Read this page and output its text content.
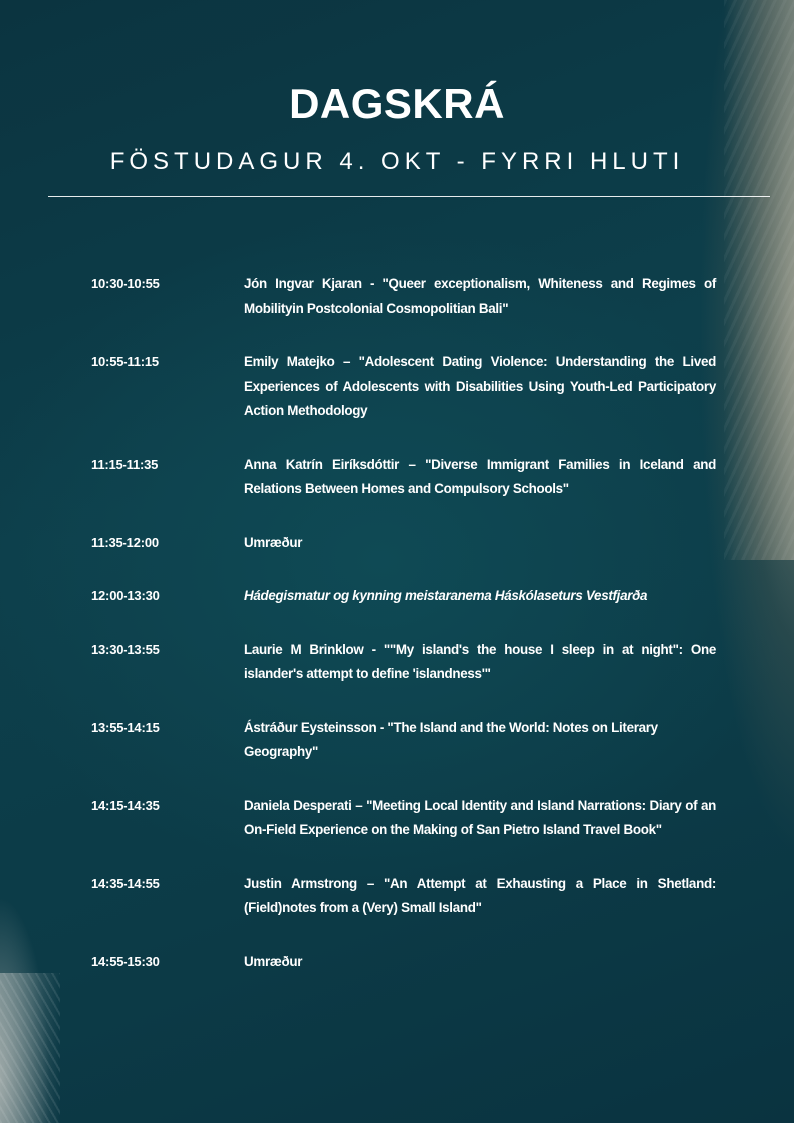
DAGSKRÁ
FÖSTUDAGUR 4. OKT - FYRRI HLUTI
10:30-10:55	Jón Ingvar Kjaran - "Queer exceptionalism, Whiteness and Regimes of Mobilityin Postcolonial Cosmopolitian Bali"
10:55-11:15	Emily Matejko – "Adolescent Dating Violence: Understanding the Lived Experiences of Adolescents with Disabilities Using Youth-Led Participatory Action Methodology
11:15-11:35	Anna Katrín Eiríksdóttir – "Diverse Immigrant Families in Iceland and Relations Between Homes and Compulsory Schools"
11:35-12:00	Umræður
12:00-13:30	Hádegismatur og kynning meistaranema Háskólaseturs Vestfjarða
13:30-13:55	Laurie M Brinklow - ""My island's the house I sleep in at night": One islander's attempt to define 'islandness'"
13:55-14:15	Ástráður Eysteinsson - "The Island and the World: Notes on Literary Geography"
14:15-14:35	Daniela Desperati – "Meeting Local Identity and Island Narrations: Diary of an On-Field Experience on the Making of San Pietro Island Travel Book"
14:35-14:55	Justin Armstrong – "An Attempt at Exhausting a Place in Shetland: (Field)notes from a (Very) Small Island"
14:55-15:30	Umræður
